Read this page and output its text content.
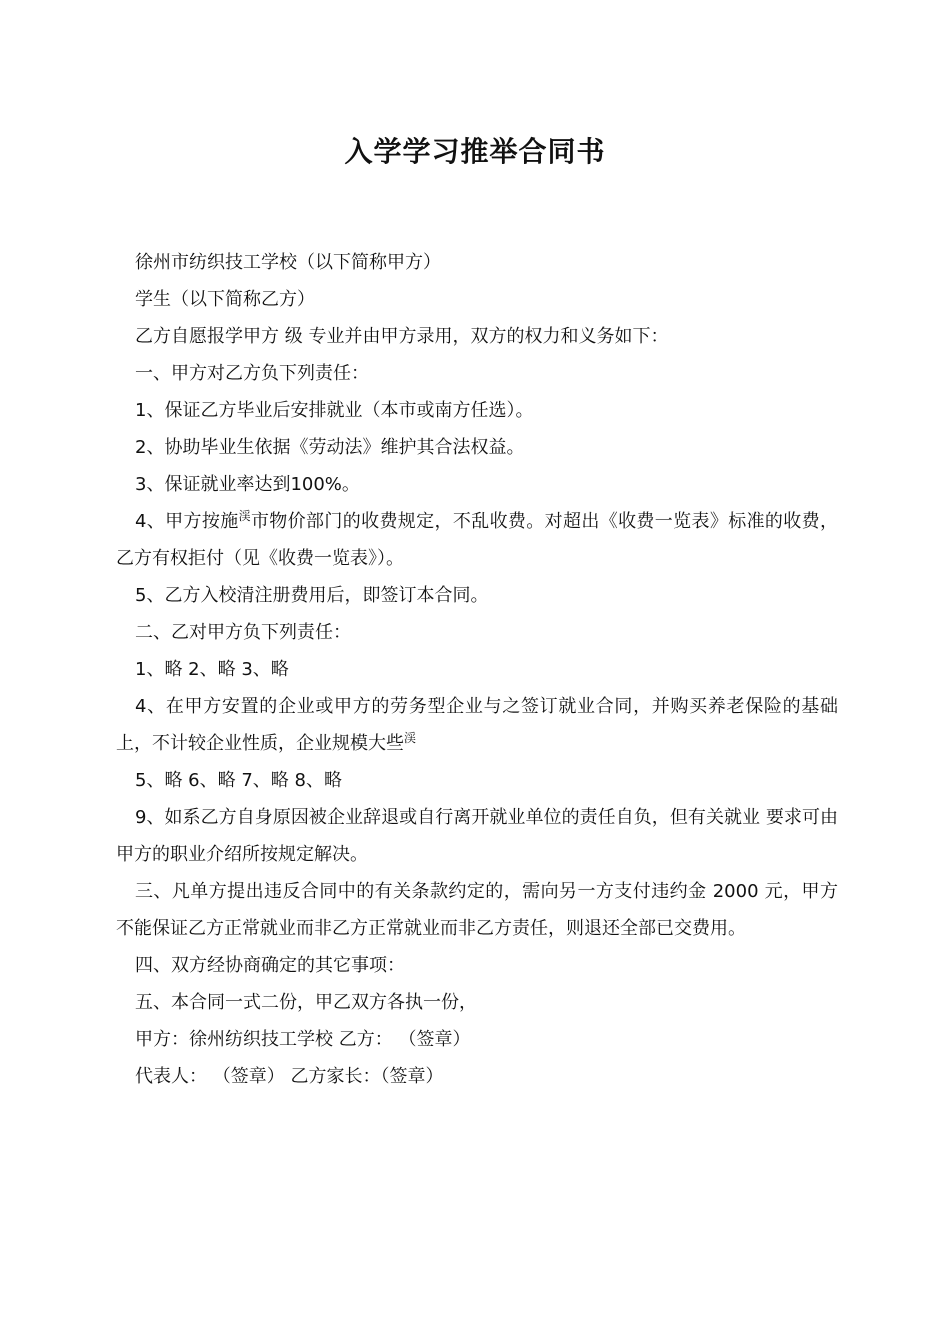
入学学习推举合同书

徐州市纺织技工学校（以下简称甲方）

学生（以下简称乙方）

乙方自愿报学甲方 级 专业并由甲方录用，双方的权力和义务如下：

一、甲方对乙方负下列责任：

1、保证乙方毕业后安排就业（本市或南方任选）。

2、协助毕业生依据《劳动法》维护其合法权益。

3、保证就业率达到100%。

4、甲方按施$^渓$市物价部门的收费规定，不乱收费。对超出《收费一览表》标准的收费，乙方有权拒付（见《收费一览表》）。

5、乙方入校清注册费用后，即签订本合同。

二、乙对甲方负下列责任：

1、略 2、略 3、略

4、在甲方安置的企业或甲方的劳务型企业与之签订就业合同，并购买养老保险的基础上，不计较企业性质，企业规模大些$^渓$

5、略 6、略 7、略 8、略

9、如系乙方自身原因被企业辞退或自行离开就业单位的责任自负，但有关就业 要求可由甲方的职业介绍所按规定解决。

三、凡单方提出违反合同中的有关条款约定的，需向另一方支付违约金 2000 元，甲方不能保证乙方正常就业而非乙方正常就业而非乙方责任，则退还全部已交费用。

四、双方经协商确定的其它事项：

五、本合同一式二份，甲乙双方各执一份，

甲方：徐州纺织技工学校 乙方： （签章）

代表人： （签章） 乙方家长：（签章）
